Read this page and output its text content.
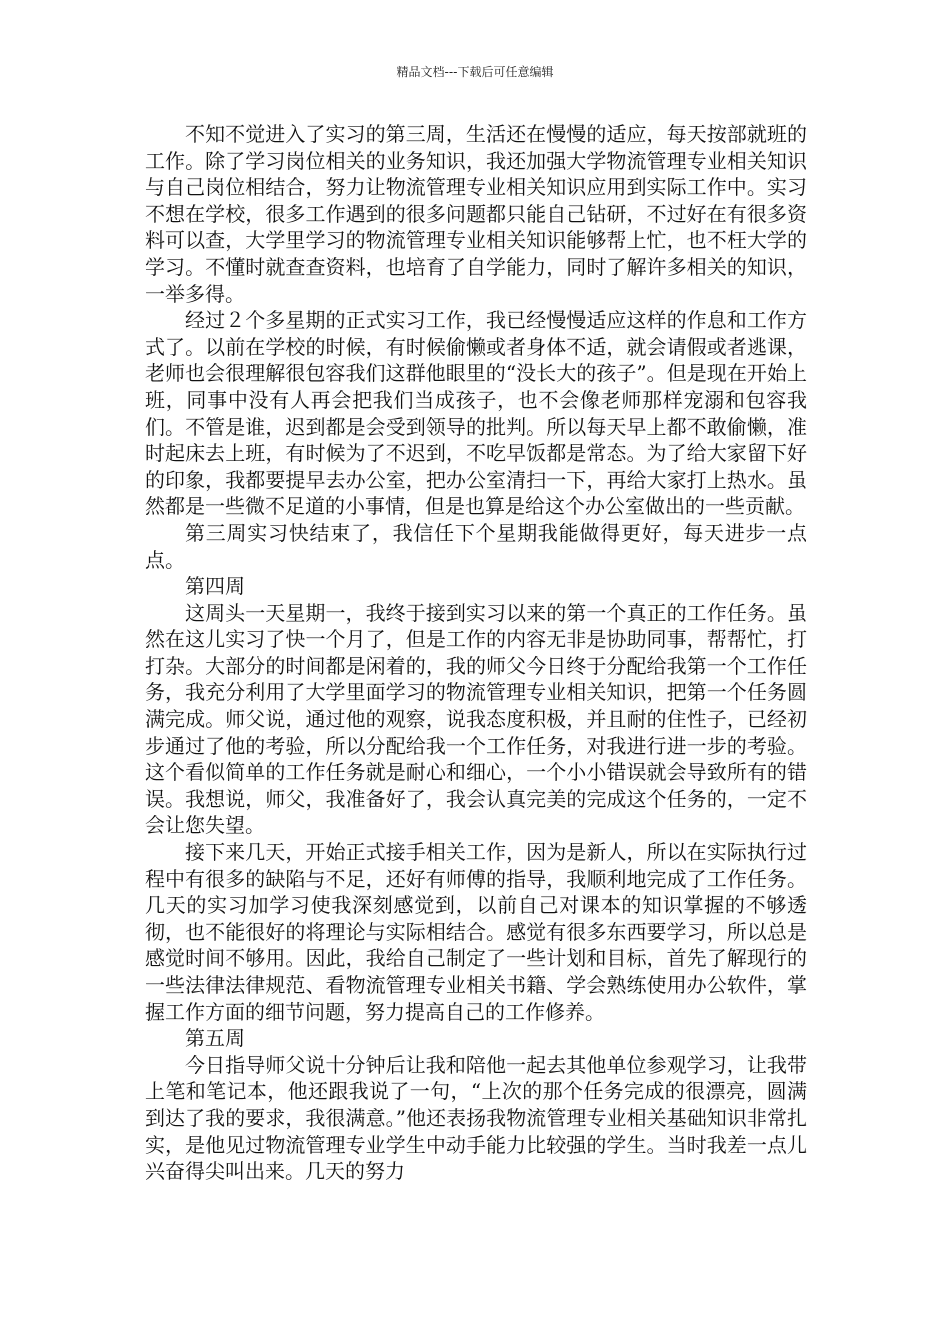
精品文档---下载后可任意编辑

不知不觉进入了实习的第三周，生活还在慢慢的适应，每天按部就班的工作。除了学习岗位相关的业务知识，我还加强大学物流管理专业相关知识与自己岗位相结合，努力让物流管理专业相关知识应用到实际工作中。实习不想在学校，很多工作遇到的很多问题都只能自己钻研，不过好在有很多资料可以查，大学里学习的物流管理专业相关知识能够帮上忙，也不枉大学的学习。不懂时就查查资料，也培育了自学能力，同时了解许多相关的知识，一举多得。

经过２个多星期的正式实习工作，我已经慢慢适应这样的作息和工作方式了。以前在学校的时候，有时候偷懒或者身体不适，就会请假或者逃课，老师也会很理解很包容我们这群他眼里的“没长大的孩子”。但是现在开始上班，同事中没有人再会把我们当成孩子，也不会像老师那样宠溺和包容我们。不管是谁，迟到都是会受到领导的批判。所以每天早上都不敢偷懒，准时起床去上班，有时候为了不迟到，不吃早饭都是常态。为了给大家留下好的印象，我都要提早去办公室，把办公室清扫一下，再给大家打上热水。虽然都是一些微不足道的小事情，但是也算是给这个办公室做出的一些贡献。

第三周实习快结束了，我信任下个星期我能做得更好，每天进步一点点。

第四周

这周头一天星期一，我终于接到实习以来的第一个真正的工作任务。虽然在这儿实习了快一个月了，但是工作的内容无非是协助同事，帮帮忙，打打杂。大部分的时间都是闲着的，我的师父今日终于分配给我第一个工作任务，我充分利用了大学里面学习的物流管理专业相关知识，把第一个任务圆满完成。师父说，通过他的观察，说我态度积极，并且耐的住性子，已经初步通过了他的考验，所以分配给我一个工作任务，对我进行进一步的考验。这个看似简单的工作任务就是耐心和细心，一个小小错误就会导致所有的错误。我想说，师父，我准备好了，我会认真完美的完成这个任务的，一定不会让您失望。

接下来几天，开始正式接手相关工作，因为是新人，所以在实际执行过程中有很多的缺陷与不足，还好有师傅的指导，我顺利地完成了工作任务。几天的实习加学习使我深刻感觉到，以前自己对课本的知识掌握的不够透彻，也不能很好的将理论与实际相结合。感觉有很多东西要学习，所以总是感觉时间不够用。因此，我给自己制定了一些计划和目标，首先了解现行的一些法律法律规范、看物流管理专业相关书籍、学会熟练使用办公软件，掌握工作方面的细节问题，努力提高自己的工作修养。

第五周

今日指导师父说十分钟后让我和陪他一起去其他单位参观学习，让我带上笔和笔记本，他还跟我说了一句，“上次的那个任务完成的很漂亮，圆满到达了我的要求，我很满意。”他还表扬我物流管理专业相关基础知识非常扎实，是他见过物流管理专业学生中动手能力比较强的学生。当时我差一点儿兴奋得尖叫出来。几天的努力
